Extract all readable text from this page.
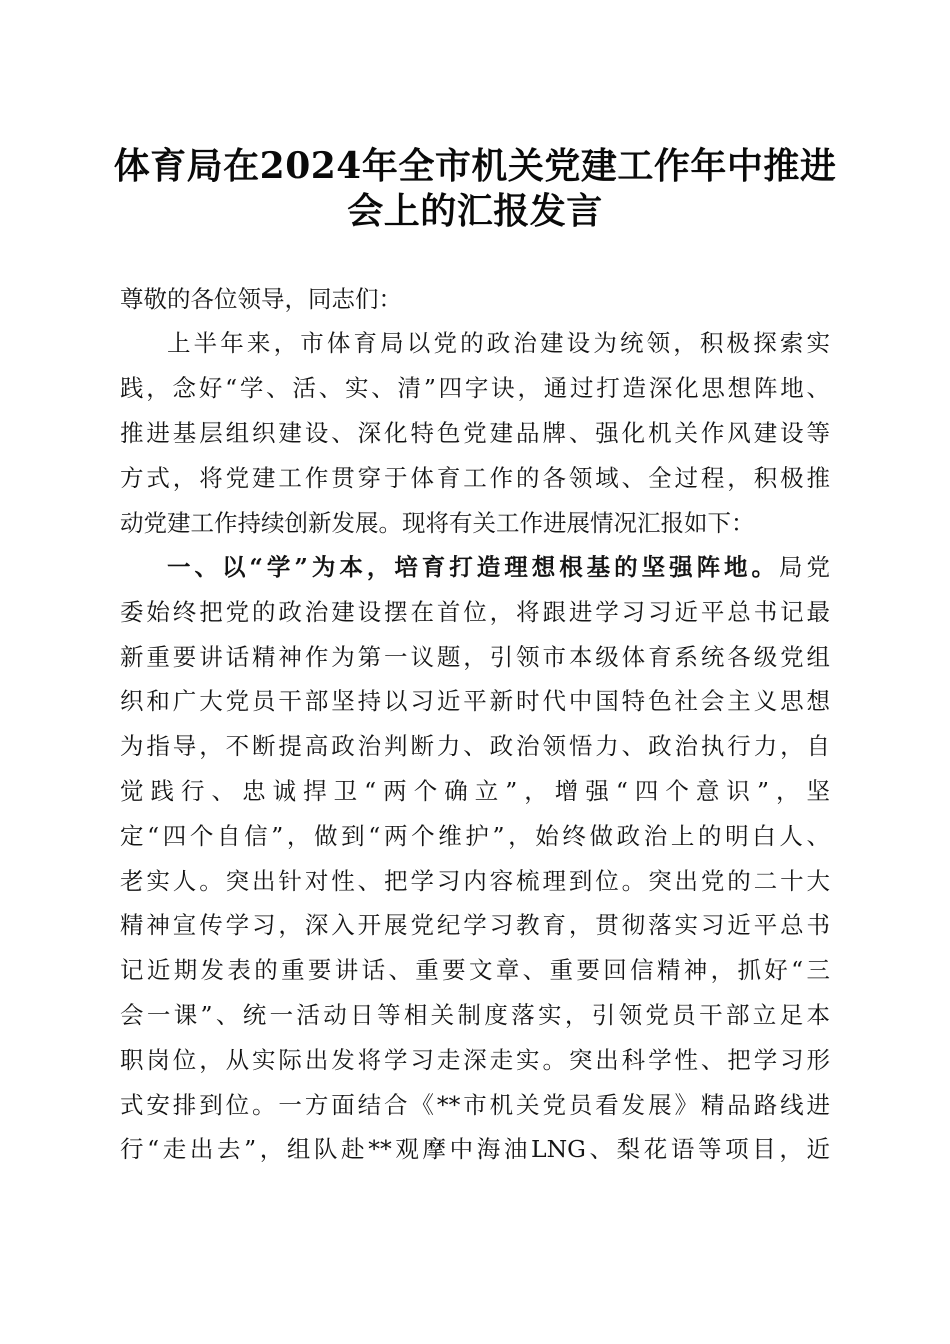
体育局在2024年全市机关党建工作年中推进
会上的汇报发言
尊敬的各位领导，同志们：
上半年来，市体育局以党的政治建设为统领，积极探索实
践，念好“学、活、实、清”四字诀，通过打造深化思想阵地、
推进基层组织建设、深化特色党建品牌、强化机关作风建设等
方式，将党建工作贯穿于体育工作的各领域、全过程，积极推
动党建工作持续创新发展。现将有关工作进展情况汇报如下：
一、以“学”为本，培育打造理想根基的坚强阵地。局党
委始终把党的政治建设摆在首位，将跟进学习习近平总书记最
新重要讲话精神作为第一议题，引领市本级体育系统各级党组
织和广大党员干部坚持以习近平新时代中国特色社会主义思想
为指导，不断提高政治判断力、政治领悟力、政治执行力，自
觉践行、忠诚捍卫“两个确立”，增强“四个意识”，坚
定“四个自信”，做到“两个维护”，始终做政治上的明白人、
老实人。突出针对性、把学习内容梳理到位。突出党的二十大
精神宣传学习，深入开展党纪学习教育，贯彻落实习近平总书
记近期发表的重要讲话、重要文章、重要回信精神，抓好“三
会一课”、统一活动日等相关制度落实，引领党员干部立足本
职岗位，从实际出发将学习走深走实。突出科学性、把学习形
式安排到位。一方面结合《**市机关党员看发展》精品路线进
行“走出去”，组队赴**观摩中海油LNG、梨花语等项目，近
